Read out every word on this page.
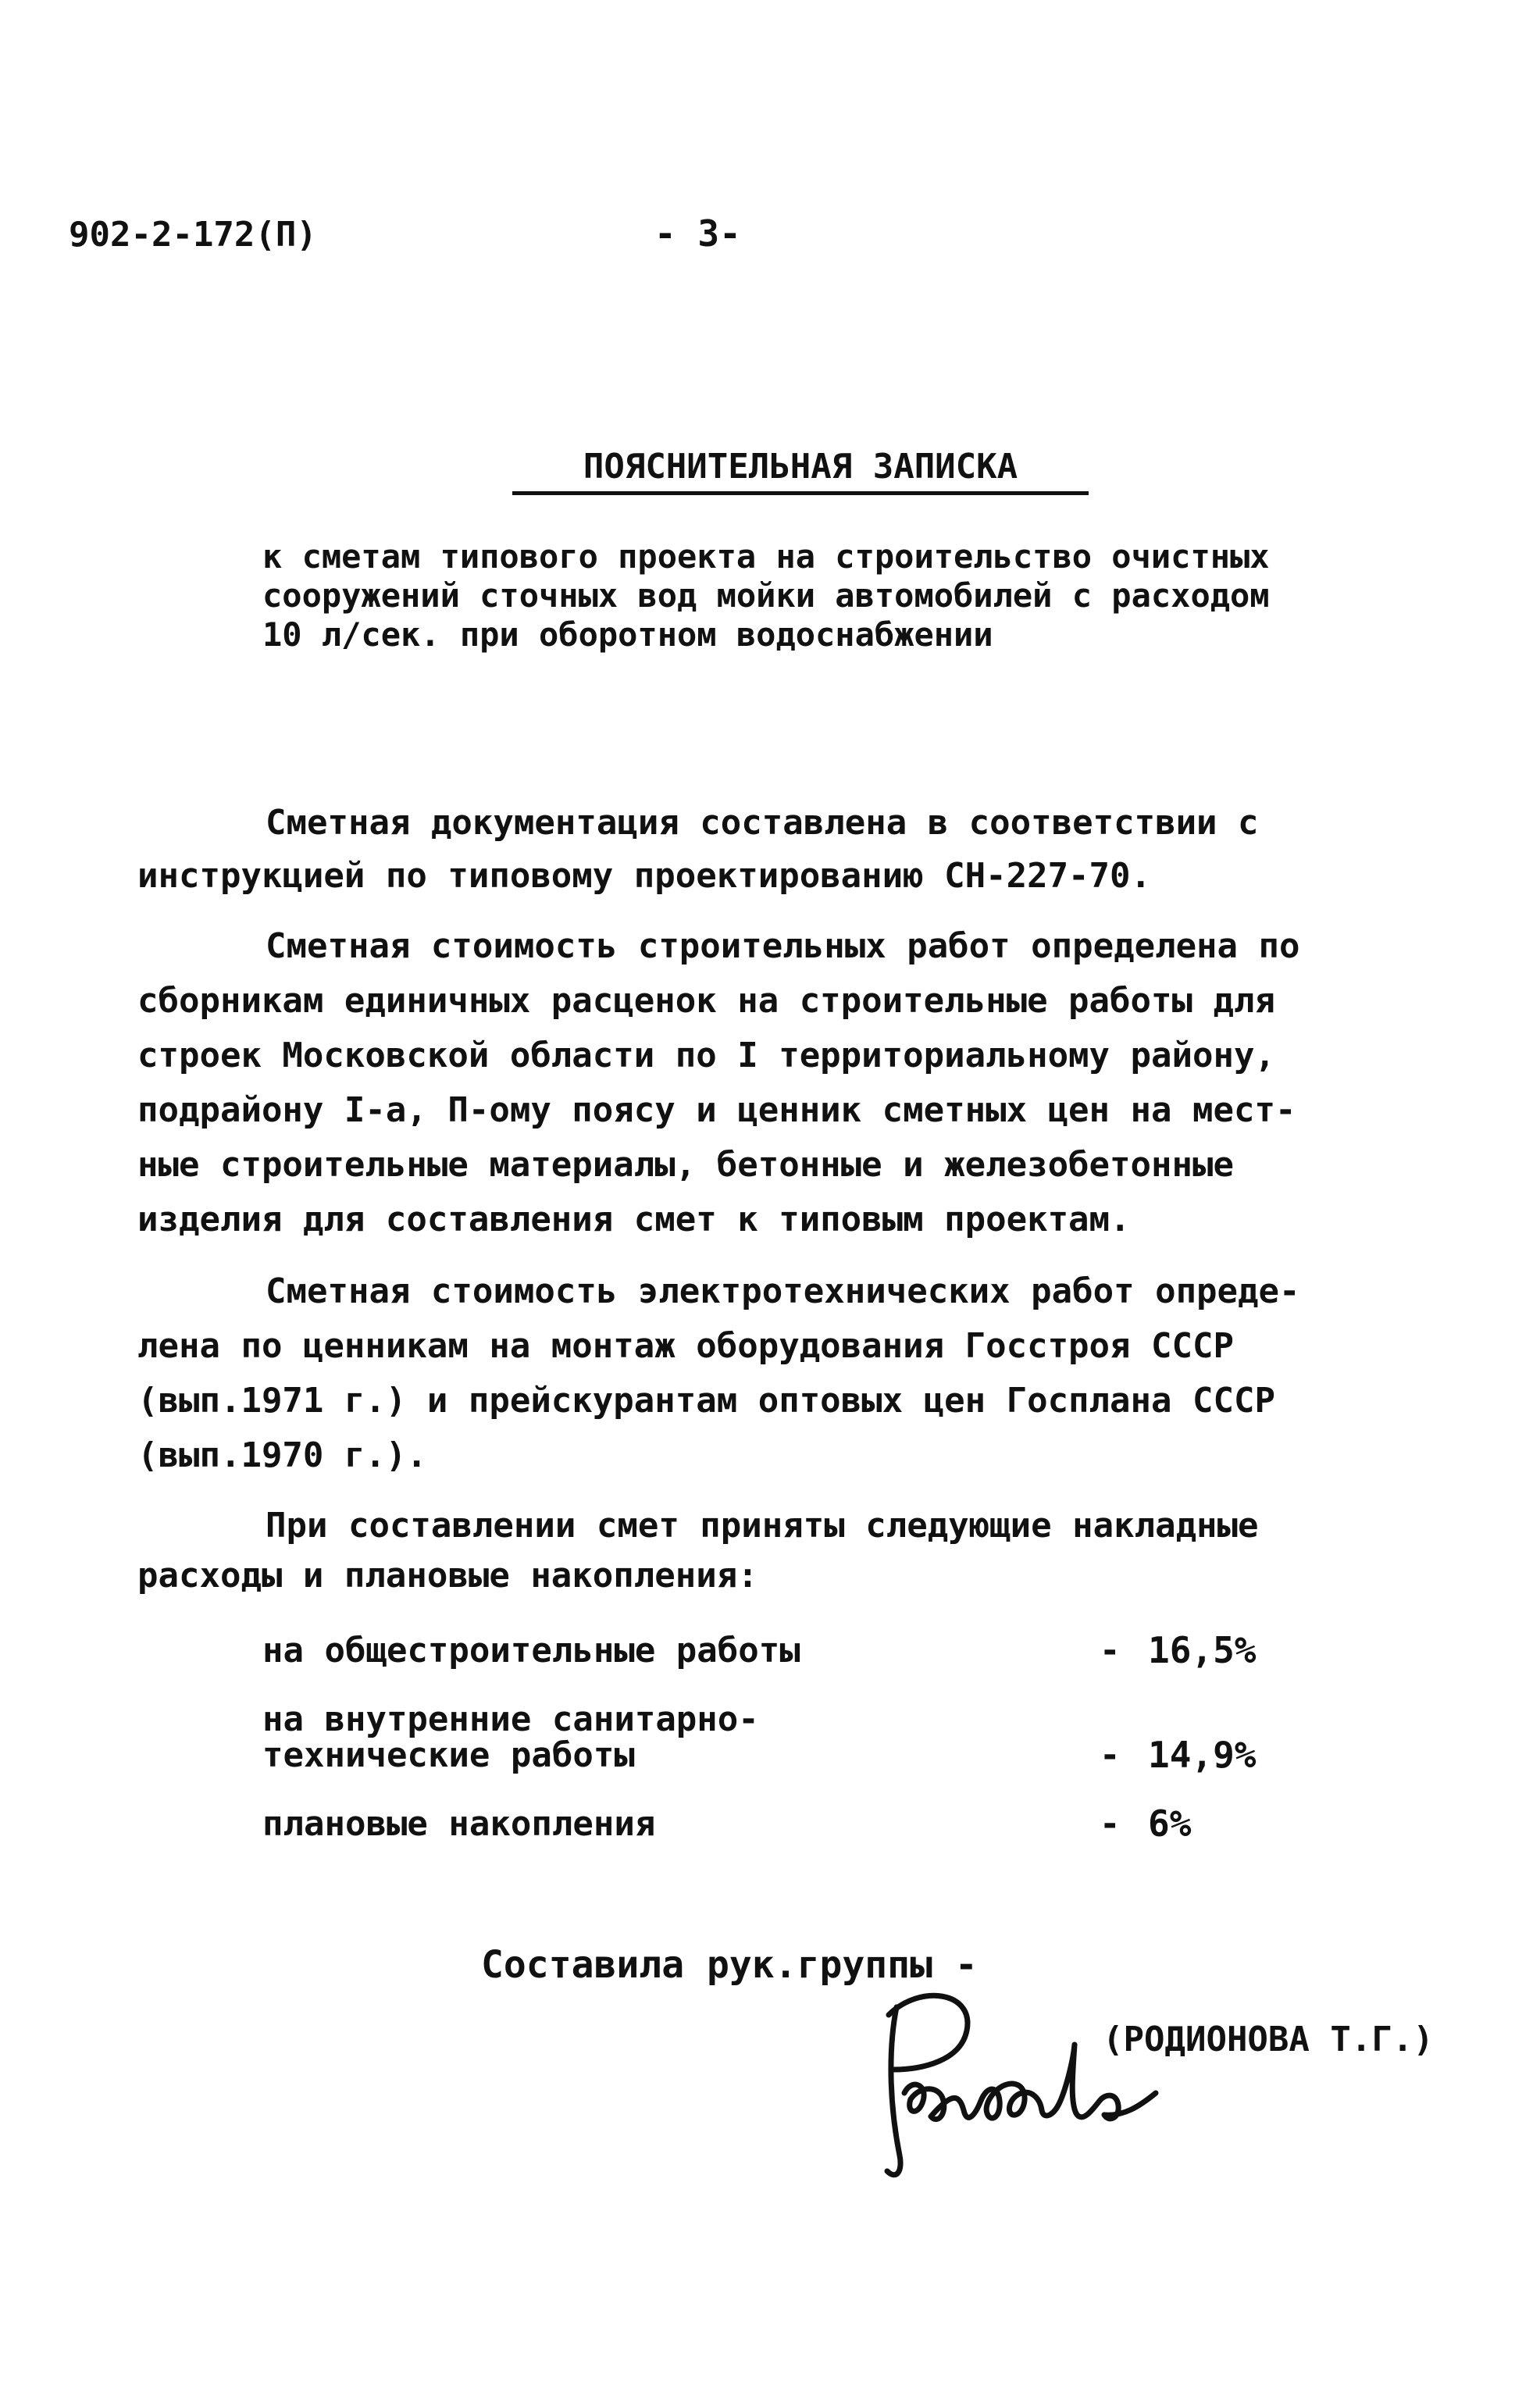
902-2-172(П)	- 3-
ПОЯСНИТЕЛЬНАЯ ЗАПИСКА
к сметам типового проекта на строительство очистных
сооружений сточных вод мойки автомобилей с расходом
10 л/сек. при оборотном водоснабжении
Сметная документация составлена в соответствии с
инструкцией по типовому проектированию СН-227-70.
Сметная стоимость строительных работ определена по
сборникам единичных расценок на строительные работы для
строек Московской области по I территориальному району,
подрайону I-а, П-ому поясу и ценник сметных цен на мест-
ные строительные материалы, бетонные и железобетонные
изделия для составления смет к типовым проектам.
Сметная стоимость электротехнических работ опреде-
лена по ценникам на монтаж оборудования Госстроя СССР
(вып.1971 г.) и прейскурантам оптовых цен Госплана СССР
(вып.1970 г.).
При составлении смет приняты следующие накладные
расходы и плановые накопления:
на общестроительные работы	- 16,5%
на внутренние санитарно-
технические работы	- 14,9%
плановые накопления	- 6%
Составила рук.группы -
(РОДИОНОВА Т.Г.)
